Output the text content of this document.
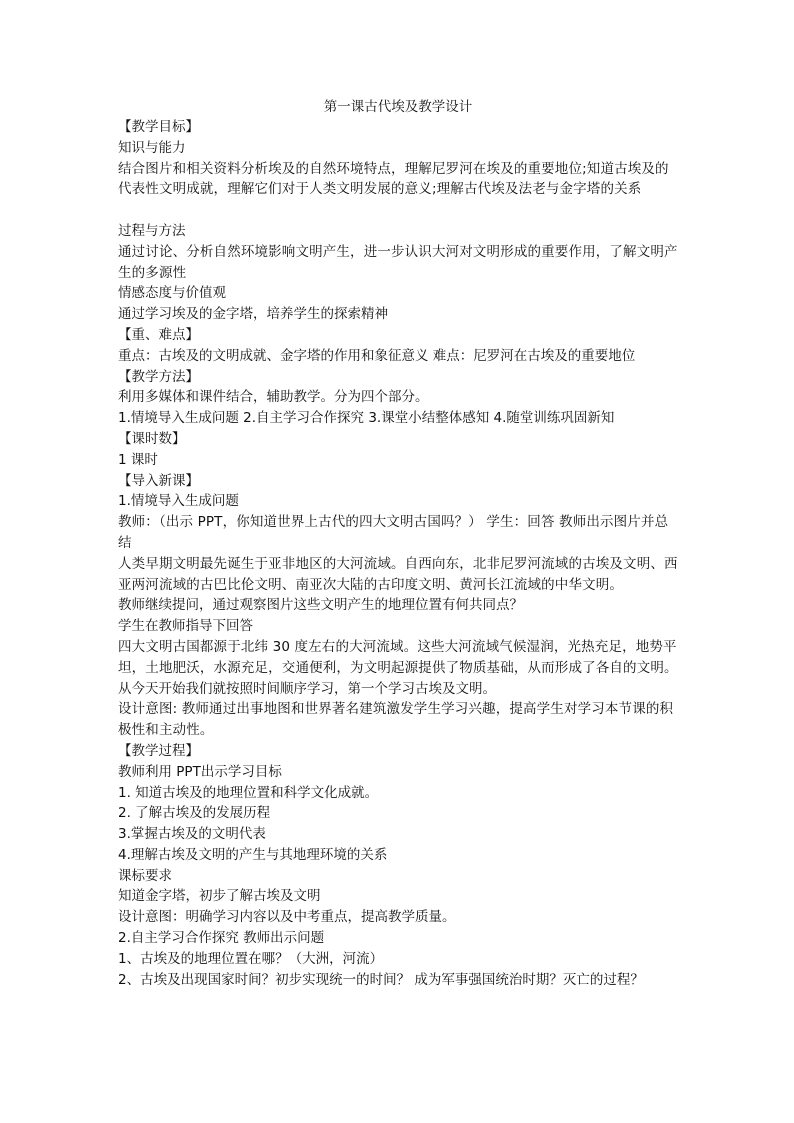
第一课古代埃及教学设计

【教学目标】

知识与能力

结合图片和相关资料分析埃及的自然环境特点，理解尼罗河在埃及的重要地位;知道古埃及的代表性文明成就，理解它们对于人类文明发展的意义;理解古代埃及法老与金字塔的关系

过程与方法

通过讨论、分析自然环境影响文明产生，进一步认识大河对文明形成的重要作用，了解文明产生的多源性

情感态度与价值观

通过学习埃及的金字塔，培养学生的探索精神

【重、难点】

重点：古埃及的文明成就、金字塔的作用和象征意义 难点：尼罗河在古埃及的重要地位

【教学方法】

利用多媒体和课件结合，辅助教学。分为四个部分。

1.情境导入生成问题 2.自主学习合作探究 3.课堂小结整体感知 4.随堂训练巩固新知

【课时数】

1 课时

【导入新课】

1.情境导入生成问题

教师：（出示 PPT，你知道世界上古代的四大文明古国吗？） 学生：回答 教师出示图片并总结

人类早期文明最先诞生于亚非地区的大河流域。自西向东，北非尼罗河流域的古埃及文明、西亚两河流域的古巴比伦文明、南亚次大陆的古印度文明、黄河长江流域的中华文明。

教师继续提问，通过观察图片这些文明产生的地理位置有何共同点？

学生在教师指导下回答

四大文明古国都源于北纬 30 度左右的大河流域。这些大河流域气候湿润，光热充足，地势平坦，土地肥沃，水源充足，交通便利，为文明起源提供了物质基础，从而形成了各自的文明。

从今天开始我们就按照时间顺序学习，第一个学习古埃及文明。

设计意图: 教师通过出事地图和世界著名建筑激发学生学习兴趣，提高学生对学习本节课的积极性和主动性。

【教学过程】

教师利用 PPT出示学习目标

1. 知道古埃及的地理位置和科学文化成就。

2. 了解古埃及的发展历程

3.掌握古埃及的文明代表

4.理解古埃及文明的产生与其地理环境的关系

课标要求

知道金字塔，初步了解古埃及文明

设计意图：明确学习内容以及中考重点，提高教学质量。

2.自主学习合作探究 教师出示问题

1、古埃及的地理位置在哪？（大洲，河流）

2、古埃及出现国家时间？初步实现统一的时间？ 成为军事强国统治时期？灭亡的过程？
